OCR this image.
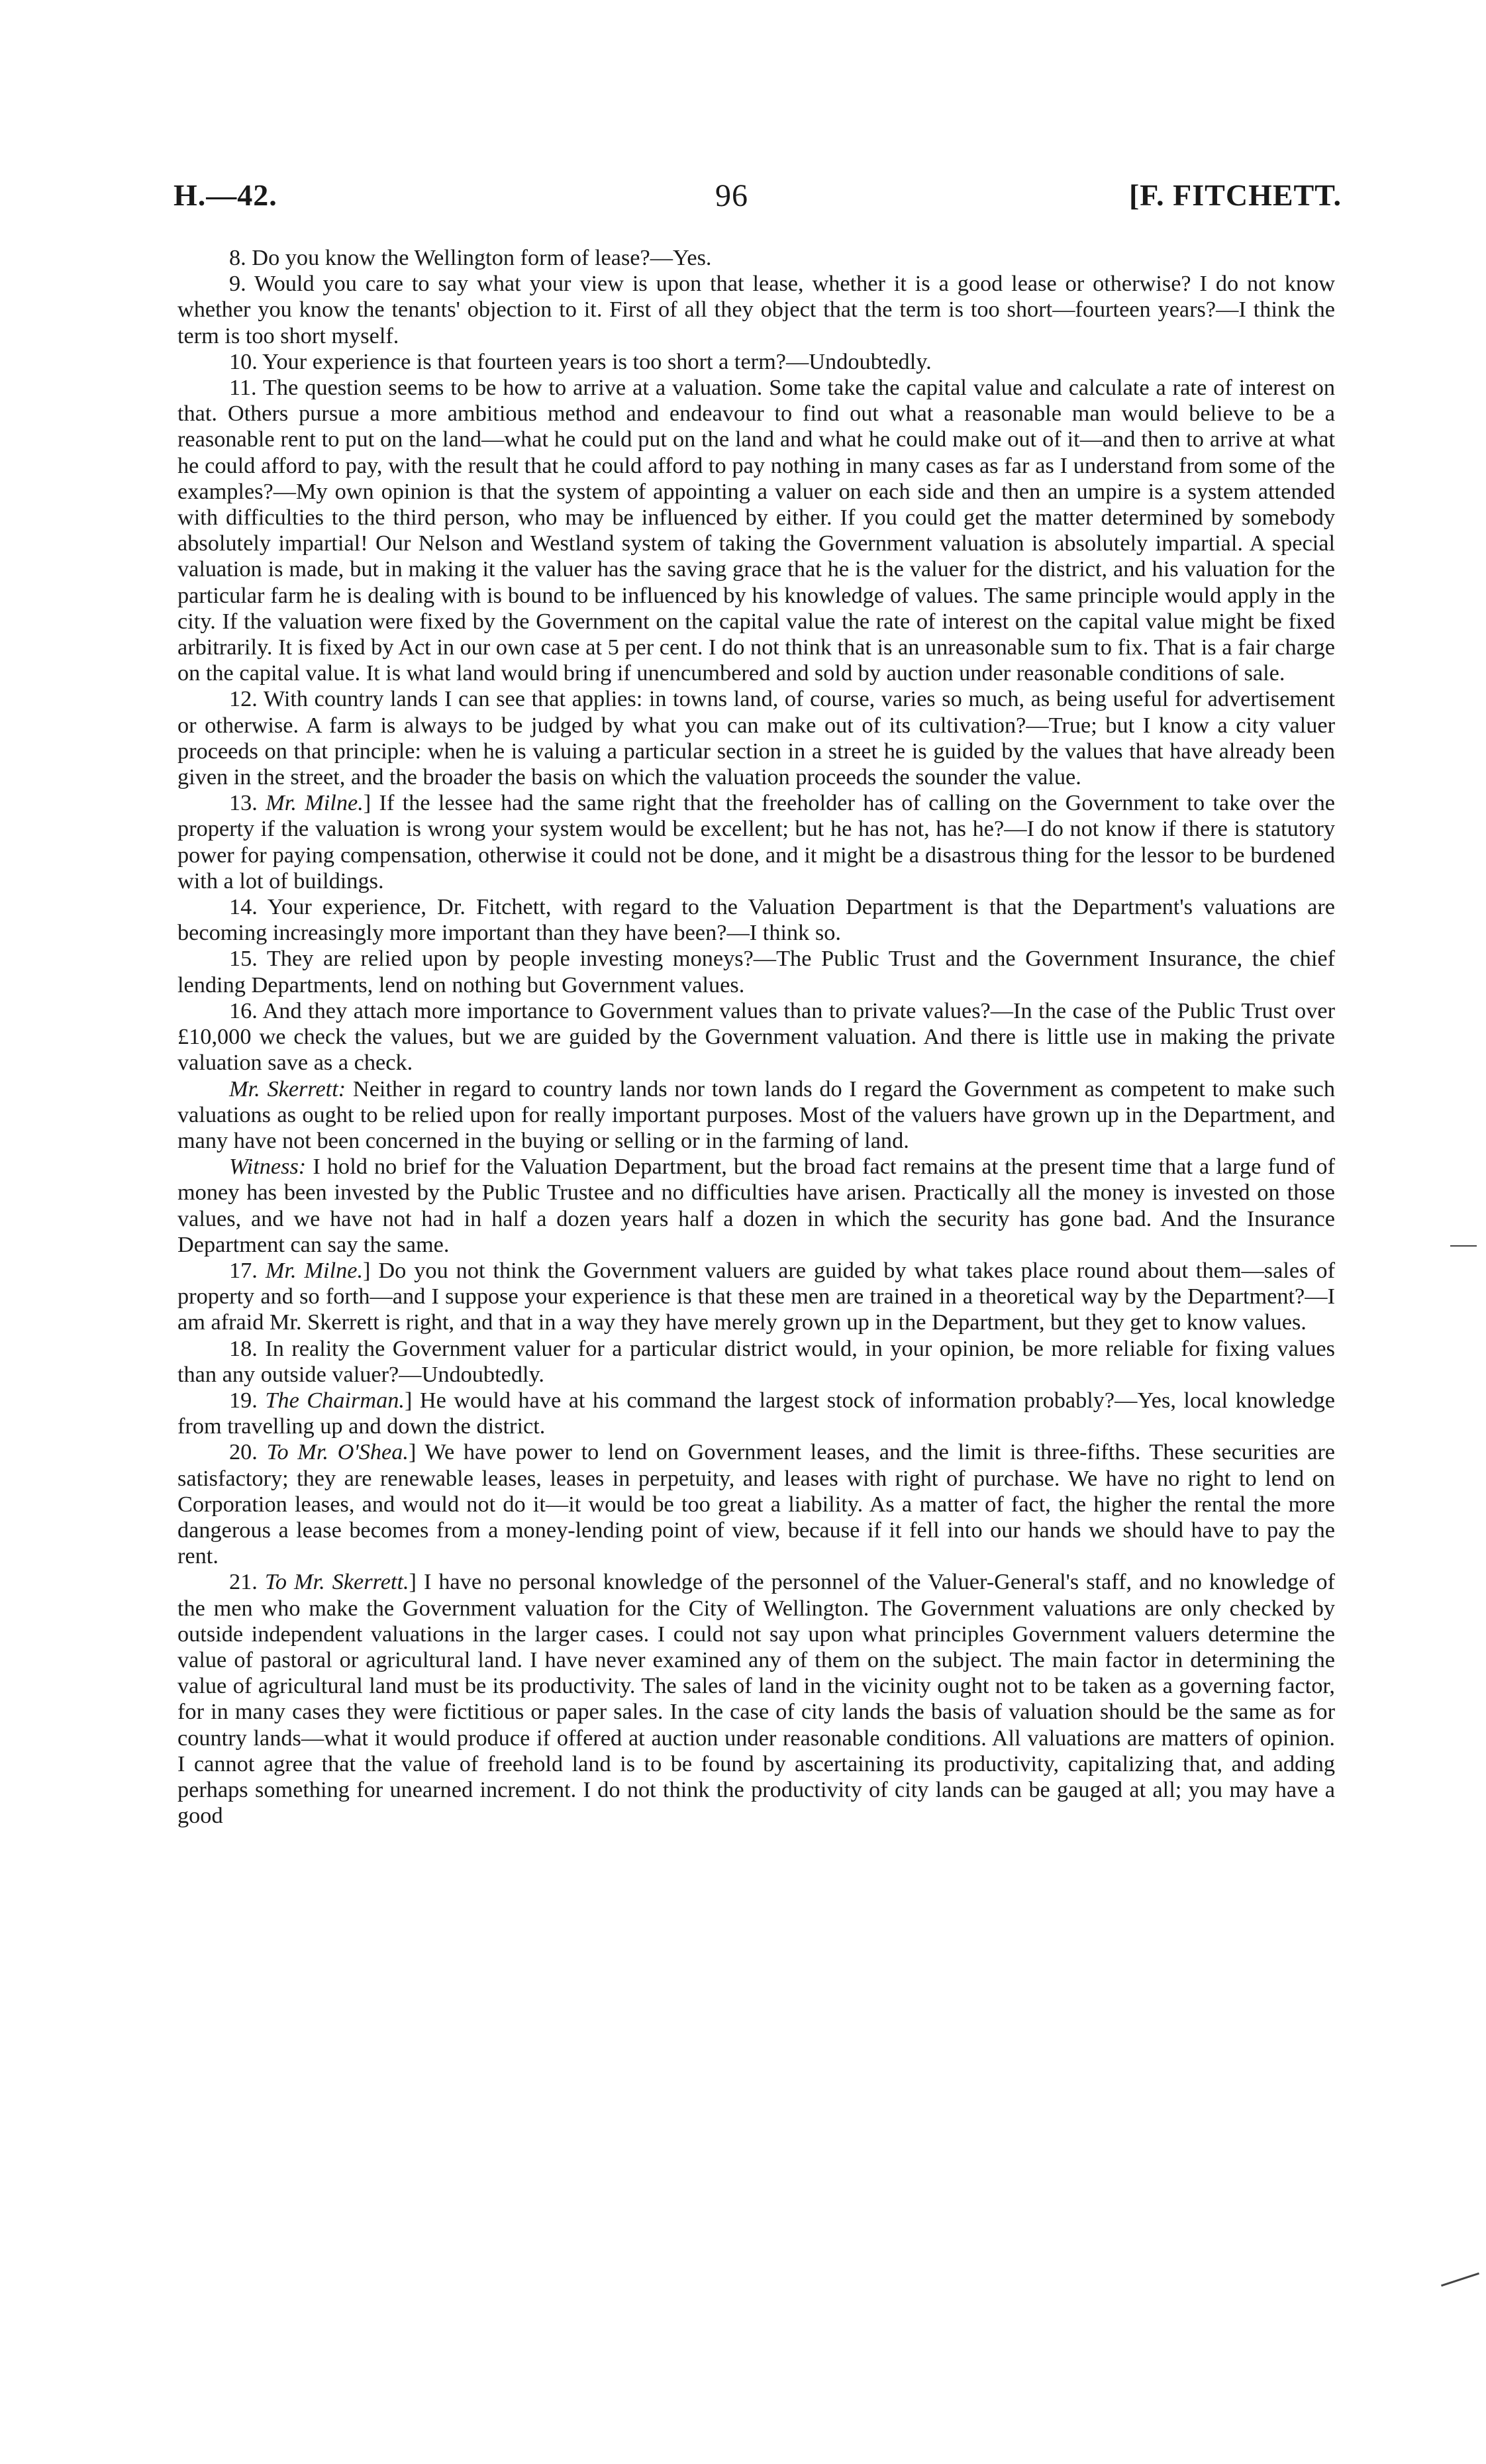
H.—42.	96	[F. FITCHETT.

8. Do you know the Wellington form of lease?—Yes.

9. Would you care to say what your view is upon that lease, whether it is a good lease or otherwise? I do not know whether you know the tenants' objection to it. First of all they object that the term is too short—fourteen years?—I think the term is too short myself.

10. Your experience is that fourteen years is too short a term?—Undoubtedly.

11. The question seems to be how to arrive at a valuation. Some take the capital value and calculate a rate of interest on that. Others pursue a more ambitious method and endeavour to find out what a reasonable man would believe to be a reasonable rent to put on the land—what he could put on the land and what he could make out of it—and then to arrive at what he could afford to pay, with the result that he could afford to pay nothing in many cases as far as I understand from some of the examples?—My own opinion is that the system of appointing a valuer on each side and then an umpire is a system attended with difficulties to the third person, who may be influenced by either. If you could get the matter determined by somebody absolutely impartial! Our Nelson and Westland system of taking the Government valuation is absolutely impartial. A special valuation is made, but in making it the valuer has the saving grace that he is the valuer for the district, and his valuation for the particular farm he is dealing with is bound to be influenced by his knowledge of values. The same principle would apply in the city. If the valuation were fixed by the Government on the capital value the rate of interest on the capital value might be fixed arbitrarily. It is fixed by Act in our own case at 5 per cent. I do not think that is an unreasonable sum to fix. That is a fair charge on the capital value. It is what land would bring if unencumbered and sold by auction under reasonable conditions of sale.

12. With country lands I can see that applies: in towns land, of course, varies so much, as being useful for advertisement or otherwise. A farm is always to be judged by what you can make out of its cultivation?—True; but I know a city valuer proceeds on that principle: when he is valuing a particular section in a street he is guided by the values that have already been given in the street, and the broader the basis on which the valuation proceeds the sounder the value.

13. Mr. Milne.] If the lessee had the same right that the freeholder has of calling on the Government to take over the property if the valuation is wrong your system would be excellent; but he has not, has he?—I do not know if there is statutory power for paying compensation, otherwise it could not be done, and it might be a disastrous thing for the lessor to be burdened with a lot of buildings.

14. Your experience, Dr. Fitchett, with regard to the Valuation Department is that the Department's valuations are becoming increasingly more important than they have been?—I think so.

15. They are relied upon by people investing moneys?—The Public Trust and the Government Insurance, the chief lending Departments, lend on nothing but Government values.

16. And they attach more importance to Government values than to private values?—In the case of the Public Trust over £10,000 we check the values, but we are guided by the Government valuation. And there is little use in making the private valuation save as a check.

Mr. Skerrett: Neither in regard to country lands nor town lands do I regard the Government as competent to make such valuations as ought to be relied upon for really important purposes. Most of the valuers have grown up in the Department, and many have not been concerned in the buying or selling or in the farming of land.

Witness: I hold no brief for the Valuation Department, but the broad fact remains at the present time that a large fund of money has been invested by the Public Trustee and no difficulties have arisen. Practically all the money is invested on those values, and we have not had in half a dozen years half a dozen in which the security has gone bad. And the Insurance Department can say the same.

17. Mr. Milne.] Do you not think the Government valuers are guided by what takes place round about them—sales of property and so forth—and I suppose your experience is that these men are trained in a theoretical way by the Department?—I am afraid Mr. Skerrett is right, and that in a way they have merely grown up in the Department, but they get to know values.

18. In reality the Government valuer for a particular district would, in your opinion, be more reliable for fixing values than any outside valuer?—Undoubtedly.

19. The Chairman.] He would have at his command the largest stock of information probably?—Yes, local knowledge from travelling up and down the district.

20. To Mr. O'Shea.] We have power to lend on Government leases, and the limit is three-fifths. These securities are satisfactory; they are renewable leases, leases in perpetuity, and leases with right of purchase. We have no right to lend on Corporation leases, and would not do it—it would be too great a liability. As a matter of fact, the higher the rental the more dangerous a lease becomes from a money-lending point of view, because if it fell into our hands we should have to pay the rent.

21. To Mr. Skerrett.] I have no personal knowledge of the personnel of the Valuer-General's staff, and no knowledge of the men who make the Government valuation for the City of Wellington. The Government valuations are only checked by outside independent valuations in the larger cases. I could not say upon what principles Government valuers determine the value of pastoral or agricultural land. I have never examined any of them on the subject. The main factor in determining the value of agricultural land must be its productivity. The sales of land in the vicinity ought not to be taken as a governing factor, for in many cases they were fictitious or paper sales. In the case of city lands the basis of valuation should be the same as for country lands—what it would produce if offered at auction under reasonable conditions. All valuations are matters of opinion. I cannot agree that the value of freehold land is to be found by ascertaining its productivity, capitalizing that, and adding perhaps something for unearned increment. I do not think the productivity of city lands can be gauged at all; you may have a good
